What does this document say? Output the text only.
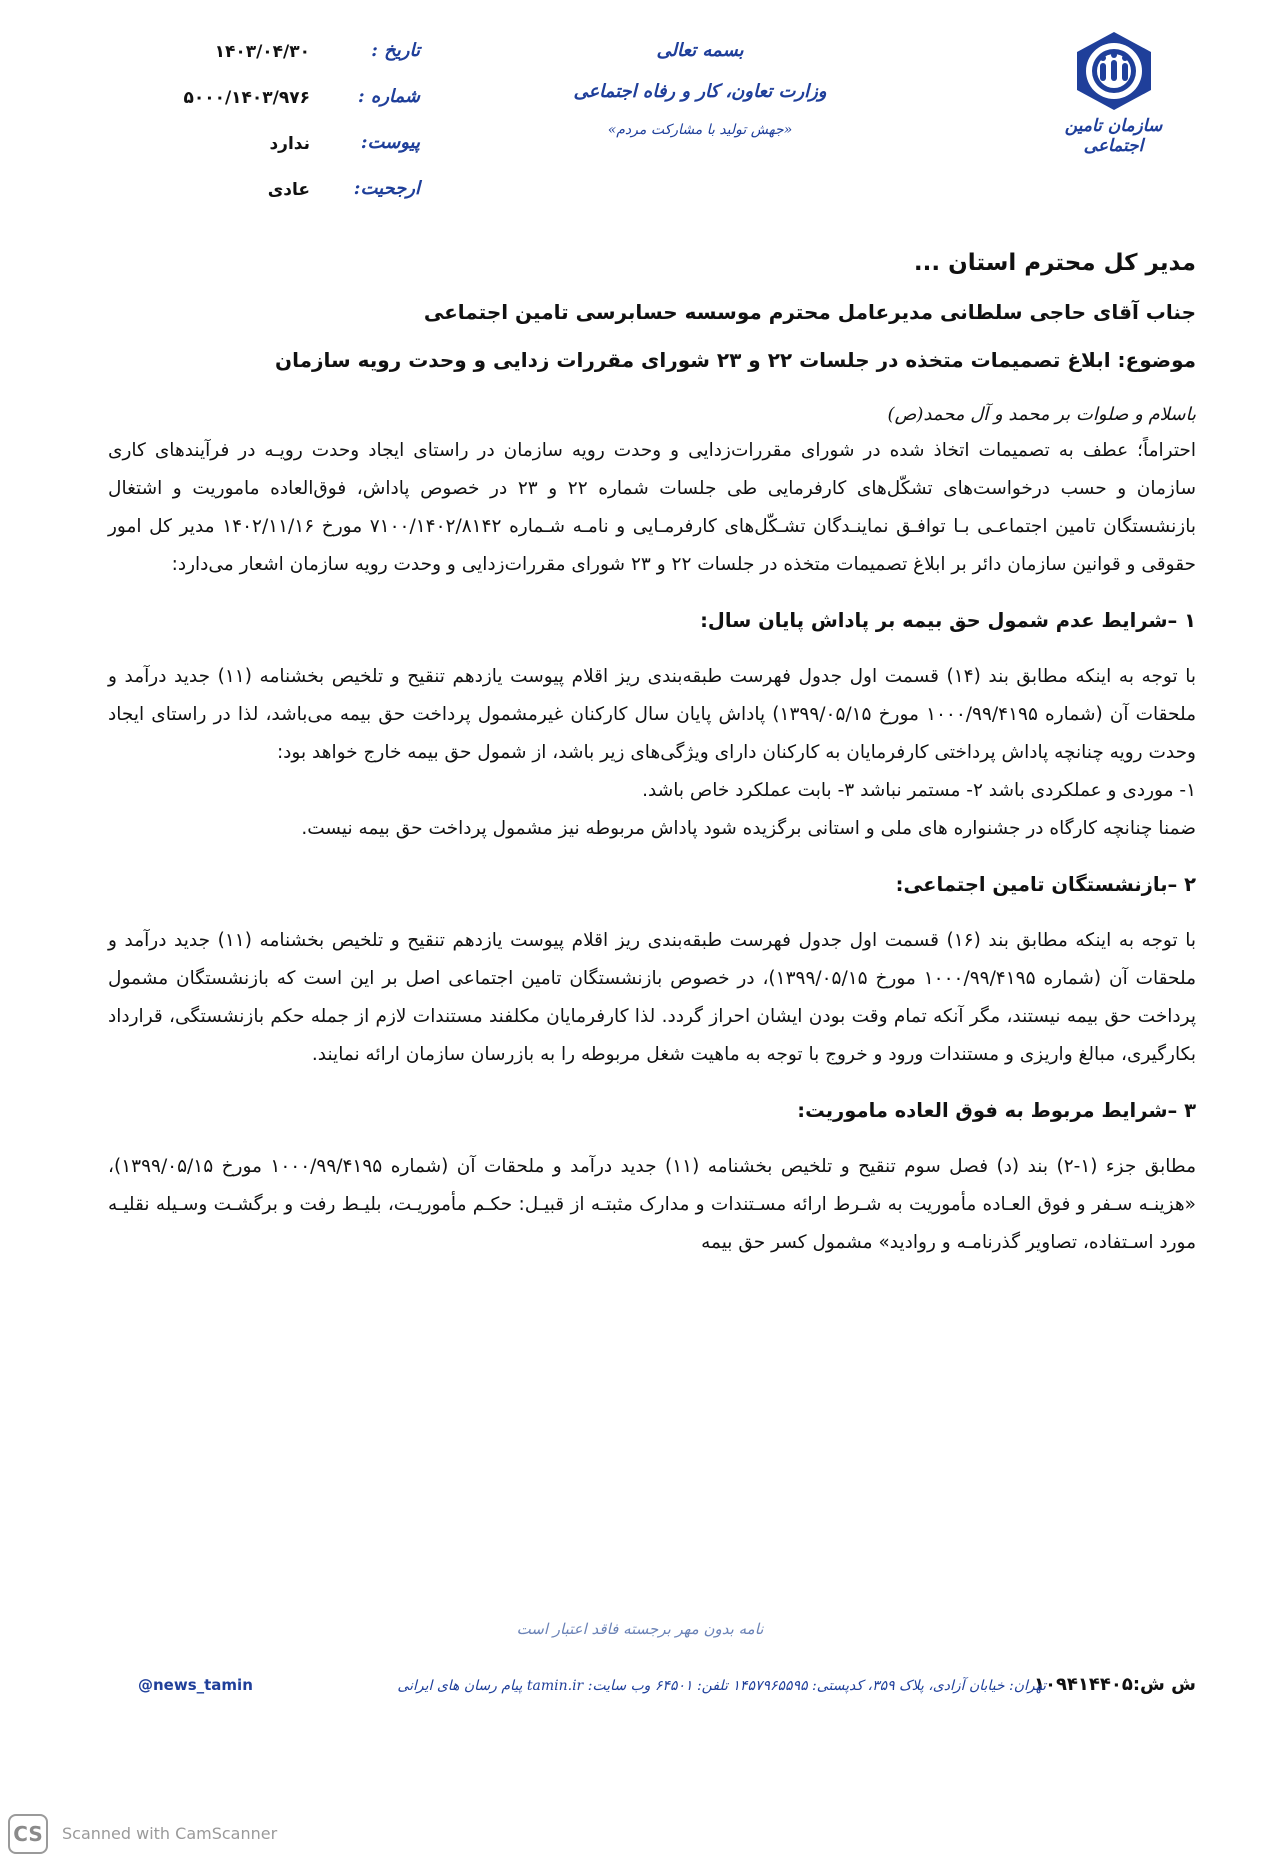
سازمان تامین اجتماعی
بسمه تعالی
وزارت تعاون، کار و رفاه اجتماعی
«جهش تولید با مشارکت مردم»
تاریخ :
۱۴۰۳/۰۴/۳۰
شماره :
۵۰۰۰/۱۴۰۳/۹۷۶
پیوست:
ندارد
ارجحیت:
عادی

مدیر کل محترم استان ...

جناب آقای حاجی سلطانی مدیرعامل محترم موسسه حسابرسی تامین اجتماعی

موضوع: ابلاغ تصمیمات متخذه در جلسات ۲۲ و ۲۳ شورای مقررات زدایی و وحدت رویه سازمان

باسلام و صلوات بر محمد و آل محمد(ص)

احتراماً؛ عطف به تصمیمات اتخاذ شده در شورای مقررات‌زدایی و وحدت رویه سازمان در راستای ایجاد وحدت رویـه در فرآیندهای کاری سازمان و حسب درخواست‌های تشکّل‌های کارفرمایی طی جلسات شماره ۲۲ و ۲۳ در خصوص پاداش، فوق‌العاده ماموریت و اشتغال بازنشستگان تامین اجتماعـی بـا توافـق نماینـدگان تشـکّل‌های کارفرمـایی و نامـه شـماره ۷۱۰۰/۱۴۰۲/۸۱۴۲ مورخ ۱۴۰۲/۱۱/۱۶ مدیر کل امور حقوقی و قوانین سازمان دائر بر ابلاغ تصمیمات متخذه در جلسات ۲۲ و ۲۳ شورای مقررات‌زدایی و وحدت رویه سازمان اشعار می‌دارد:

۱ –شرایط عدم شمول حق بیمه بر پاداش پایان سال:

با توجه به اینکه مطابق بند (۱۴) قسمت اول جدول فهرست طبقه‌بندی ریز اقلام پیوست یازدهم تنقیح و تلخیص بخشنامه (۱۱) جدید درآمد و ملحقات آن (شماره ۱۰۰۰/۹۹/۴۱۹۵ مورخ ۱۳۹۹/۰۵/۱۵) پاداش پایان سال کارکنان غیرمشمول پرداخت حق بیمه می‌باشد، لذا در راستای ایجاد وحدت رویه چنانچه پاداش پرداختی کارفرمایان به کارکنان دارای ویژگی‌های زیر باشد، از شمول حق بیمه خارج خواهد بود:

۱- موردی و عملکردی باشد ۲- مستمر نباشد ۳- بابت عملکرد خاص باشد.

ضمنا چنانچه کارگاه در جشنواره های ملی و استانی برگزیده شود پاداش مربوطه نیز مشمول پرداخت حق بیمه نیست.

۲ –بازنشستگان تامین اجتماعی:

با توجه به اینکه مطابق بند (۱۶) قسمت اول جدول فهرست طبقه‌بندی ریز اقلام پیوست یازدهم تنقیح و تلخیص بخشنامه (۱۱) جدید درآمد و ملحقات آن (شماره ۱۰۰۰/۹۹/۴۱۹۵ مورخ ۱۳۹۹/۰۵/۱۵)، در خصوص بازنشستگان تامین اجتماعی اصل بر این است که بازنشستگان مشمول پرداخت حق بیمه نیستند، مگر آنکه تمام وقت بودن ایشان احراز گردد. لذا کارفرمایان مکلفند مستندات لازم از جمله حکم بازنشستگی، قرارداد بکارگیری، مبالغ واریزی و مستندات ورود و خروج با توجه به ماهیت شغل مربوطه را به بازرسان سازمان ارائه نمایند.

۳ –شرایط مربوط به فوق العاده ماموریت:

مطابق جزء (۱-۲) بند (د) فصل سوم تنقیح و تلخیص بخشنامه (۱۱) جدید درآمد و ملحقات آن (شماره ۱۰۰۰/۹۹/۴۱۹۵ مورخ ۱۳۹۹/۰۵/۱۵)، «هزینـه سـفر و فوق العـاده مأموریت به شـرط ارائه مسـتندات و مدارک مثبتـه از قبیـل: حکـم مأموریـت، بلیـط رفت و برگشـت وسـیله نقلیـه مورد اسـتفاده، تصاویر گذرنامـه و روادید» مشمول کسر حق بیمه

نامه بدون مهر برجسته فاقد اعتبار است
ش ش:۱۰۹۴۱۴۴۰۵
تهران: خیابان آزادی، پلاک ۳۵۹، کدپستی: ۱۴۵۷۹۶۵۵۹۵ تلفن: ۶۴۵۰۱ وب سایت: tamin.ir پیام رسان های ایرانی
@news_tamin
CS	Scanned with CamScanner
